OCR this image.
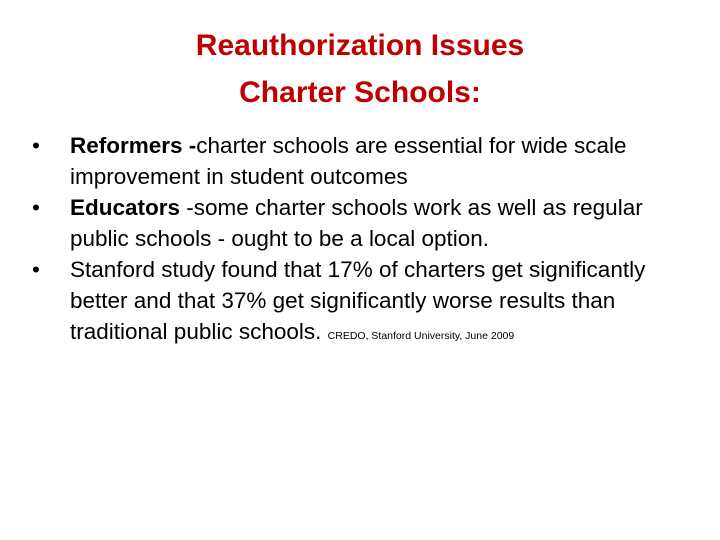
Reauthorization Issues
Charter Schools:
•	Reformers -charter schools are essential for wide scale improvement in student outcomes
•	Educators -some charter schools work as well as regular public schools - ought to be a local option.
•	Stanford study found that 17% of charters get significantly better and that 37% get significantly worse results than traditional public schools. CREDO, Stanford University, June 2009
